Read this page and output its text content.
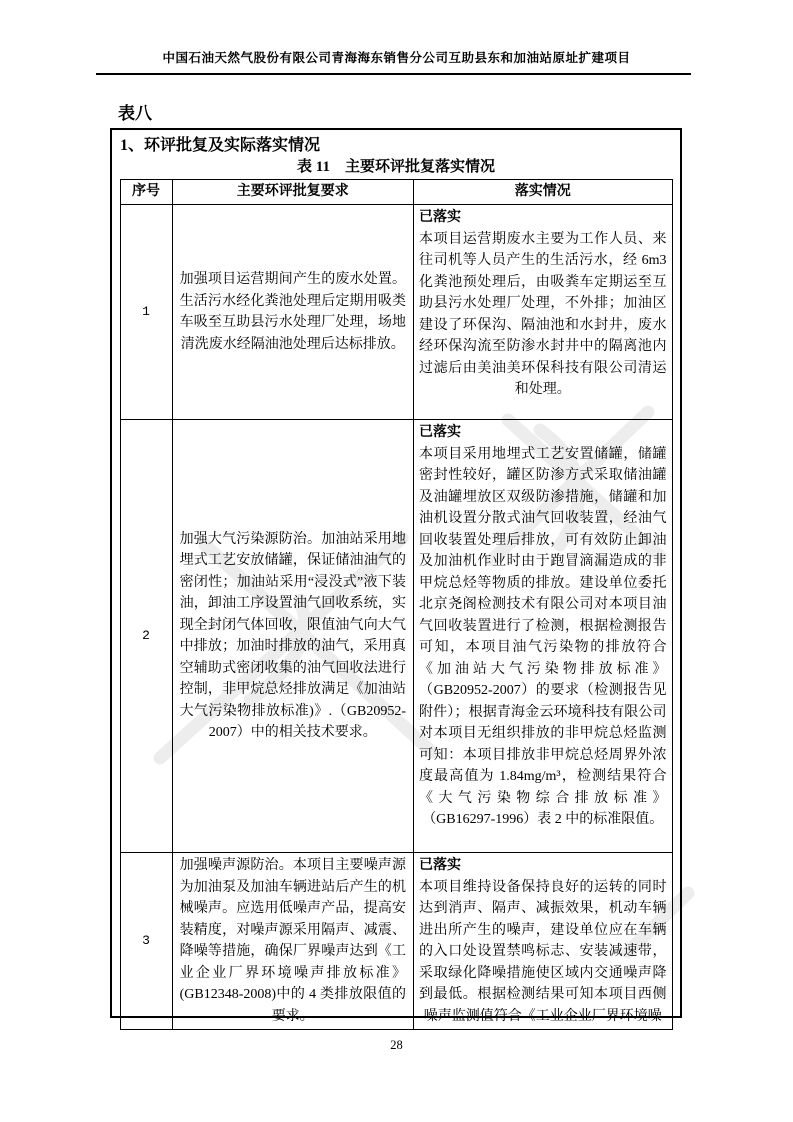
中国石油天然气股份有限公司青海海东销售分公司互助县东和加油站原址扩建项目
表八
1、环评批复及实际落实情况
表 11　主要环评批复落实情况
序号	主要环评批复要求	落实情况
1	加强项目运营期间产生的废水处置。生活污水经化粪池处理后定期用吸类车吸至互助县污水处理厂处理，场地清洗废水经隔油池处理后达标排放。	已落实
本项目运营期废水主要为工作人员、来往司机等人员产生的生活污水，经 6m3 化粪池预处理后，由吸粪车定期运至互助县污水处理厂处理，不外排；加油区建设了环保沟、隔油池和水封井，废水经环保沟流至防渗水封井中的隔离池内过滤后由美油美环保科技有限公司清运和处理。

2	加强大气污染源防治。加油站采用地埋式工艺安放储罐，保证储油油气的密闭性；加油站采用“浸没式”液下装油，卸油工序设置油气回收系统，实现全封闭气体回收，限值油气向大气中排放；加油时排放的油气，采用真空辅助式密闭收集的油气回收法进行控制，非甲烷总烃排放满足《加油站大气污染物排放标准)》.（GB20952-2007）中的相关技术要求。	已落实
本项目采用地埋式工艺安置储罐，储罐密封性较好，罐区防渗方式采取储油罐及油罐埋放区双级防渗措施，储罐和加油机设置分散式油气回收装置，经油气回收装置处理后排放，可有效防止卸油及加油机作业时由于跑冒滴漏造成的非甲烷总烃等物质的排放。建设单位委托北京尧阁检测技术有限公司对本项目油气回收装置进行了检测，根据检测报告可知，本项目油气污染物的排放符合《加油站大气污染物排放标准》（GB20952-2007）的要求（检测报告见附件）；根据青海金云环境科技有限公司对本项目无组织排放的非甲烷总烃监测可知：本项目排放非甲烷总烃周界外浓度最高值为 1.84mg/m³，检测结果符合《大气污染物综合排放标准》（GB16297-1996）表 2 中的标准限值。

3	加强噪声源防治。本项目主要噪声源为加油泵及加油车辆进站后产生的机械噪声。应选用低噪声产品，提高安装精度，对噪声源采用隔声、减震、降噪等措施，确保厂界噪声达到《工业企业厂界环境噪声排放标准》(GB12348-2008)中的 4 类排放限值的要求。	已落实
本项目维持设备保持良好的运转的同时达到消声、隔声、减振效果，机动车辆进出所产生的噪声，建设单位应在车辆的入口处设置禁鸣标志、安装减速带，采取绿化降噪措施使区域内交通噪声降到最低。根据检测结果可知本项目西侧噪声监测值符合《工业企业厂界环境噪
28
